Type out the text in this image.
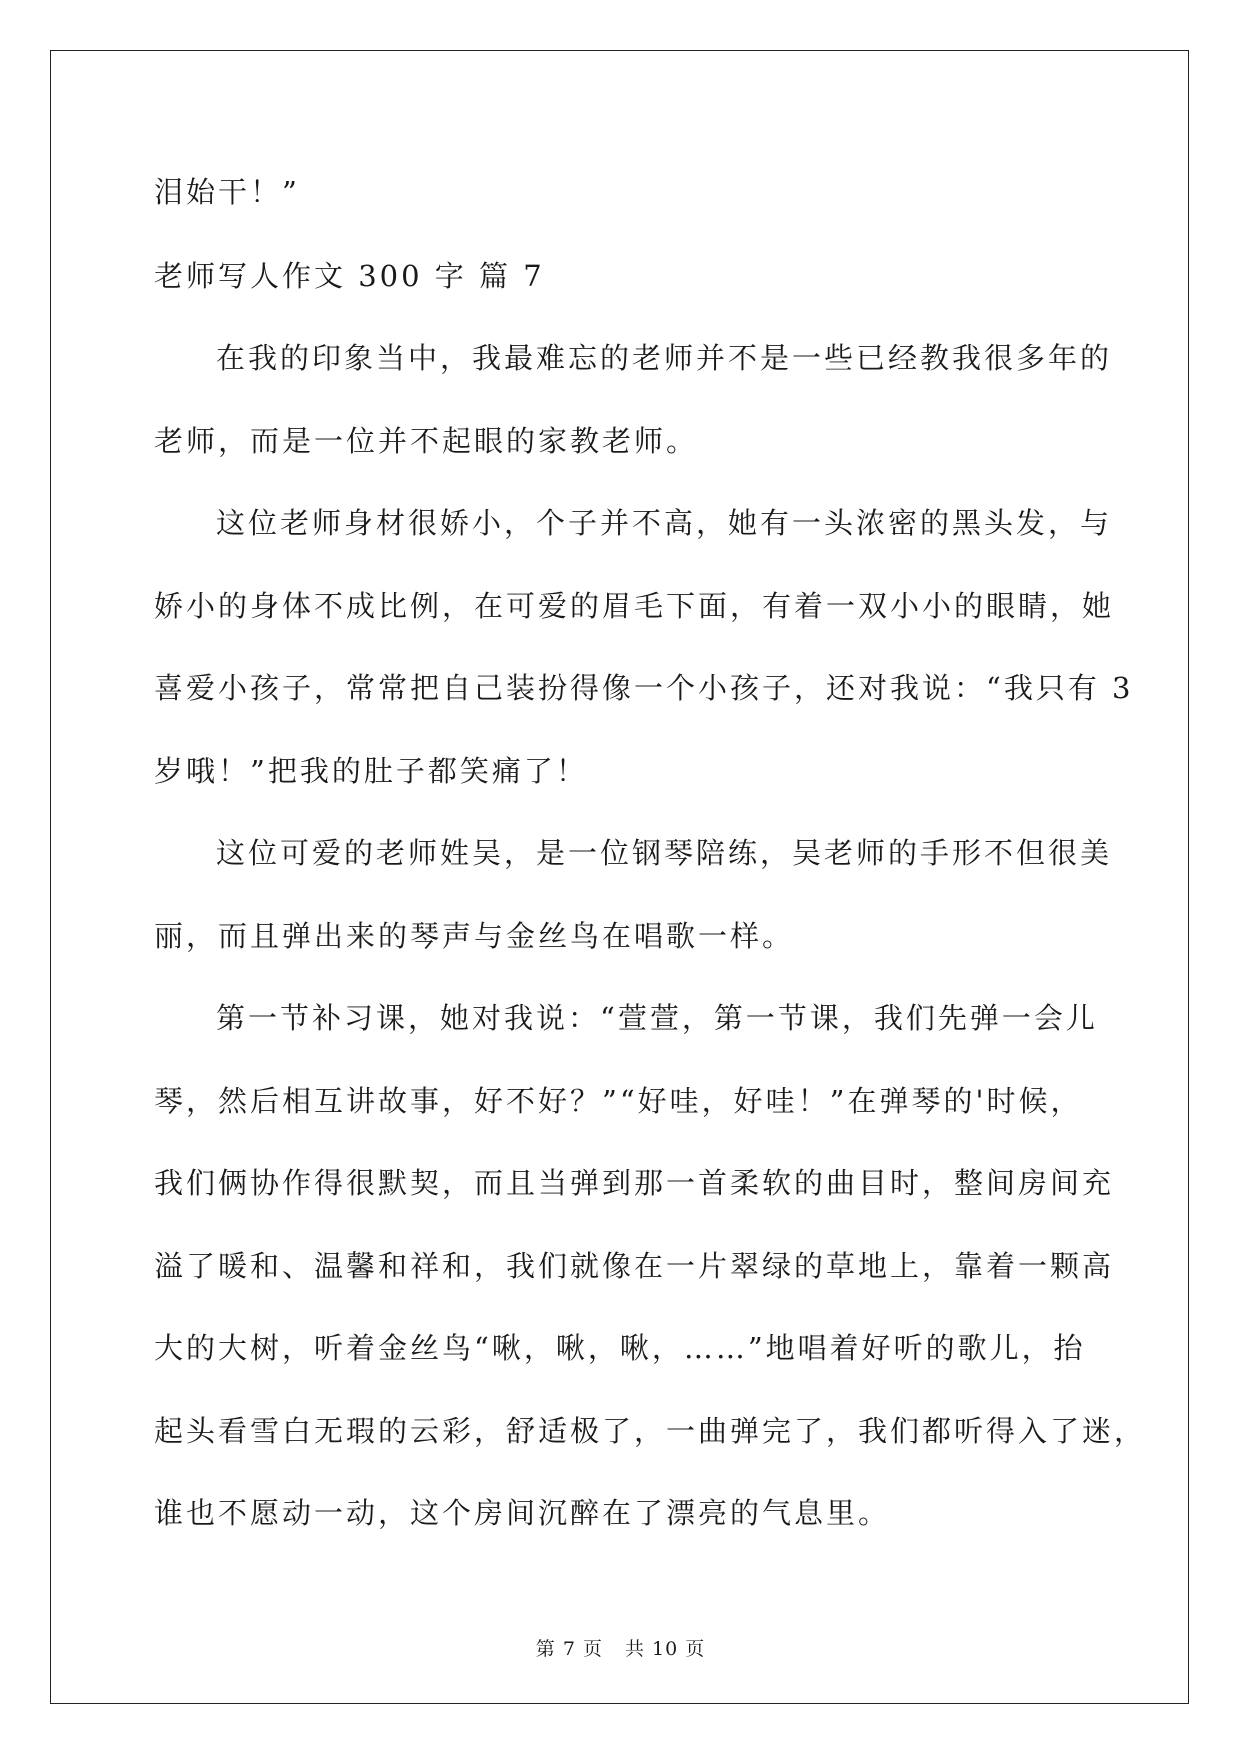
泪始干！”
老师写人作文 300 字 篇 7
在我的印象当中，我最难忘的老师并不是一些已经教我很多年的
老师，而是一位并不起眼的家教老师。
这位老师身材很娇小，个子并不高，她有一头浓密的黑头发，与
娇小的身体不成比例，在可爱的眉毛下面，有着一双小小的眼睛，她
喜爱小孩子，常常把自己装扮得像一个小孩子，还对我说：“我只有 3
岁哦！”把我的肚子都笑痛了！
这位可爱的老师姓吴，是一位钢琴陪练，吴老师的手形不但很美
丽，而且弹出来的琴声与金丝鸟在唱歌一样。
第一节补习课，她对我说：“萱萱，第一节课，我们先弹一会儿
琴，然后相互讲故事，好不好？”“好哇，好哇！”在弹琴的'时候，
我们俩协作得很默契，而且当弹到那一首柔软的曲目时，整间房间充
溢了暖和、温馨和祥和，我们就像在一片翠绿的草地上，靠着一颗高
大的大树，听着金丝鸟“啾，啾，啾，……”地唱着好听的歌儿，抬
起头看雪白无瑕的云彩，舒适极了，一曲弹完了，我们都听得入了迷，
谁也不愿动一动，这个房间沉醉在了漂亮的气息里。
第 7 页 共 10 页
